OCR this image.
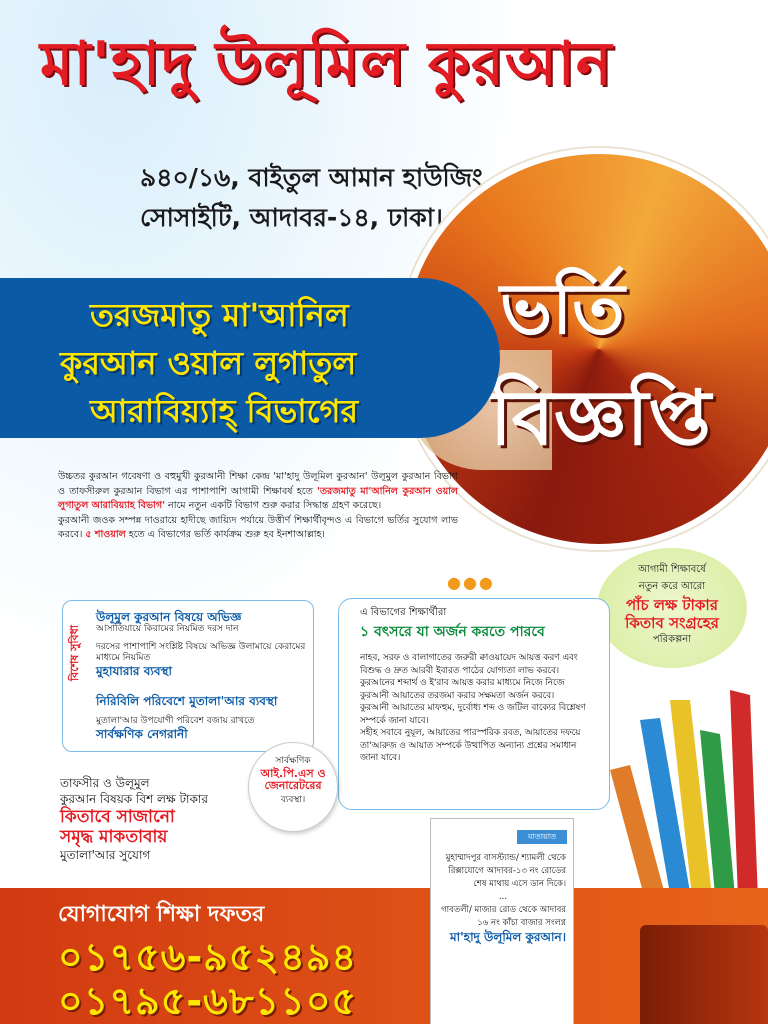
মা'হাদু উলূমিল কুরআন
৯৪০/১৬, বাইতুল আমান হাউজিং
সোসাইটি, আদাবর-১৪, ঢাকা।
ভর্তি
বিজ্ঞপ্তি
তরজমাতু মা'আনিল
কুরআন ওয়াল লুগাতুল
আরাবিয়্যাহ্ বিভাগের
উচ্চতর কুরআন গবেষণা ও বহুমুখী কুরআনী শিক্ষা কেন্দ্র 'মা'হাদু উলূমিল কুরআন' উলূমুল কুরআন বিভাগ ও তাফসীরুল কুরআন বিভাগ এর পাশাপাশি আগামী শিক্ষাবর্ষ হতে 'তরজমাতু মা'আনিল কুরআন ওয়াল লুগাতুল আরাবিয়্যাহ বিভাগ' নামে নতুন একটি বিভাগ শুরু করার সিদ্ধান্ত গ্রহণ করেছে।
কুরআনী জওক সম্পন্ন দাওরায়ে হাদীছে জায়্যিদ পর্যায়ে উত্তীর্ণ শিক্ষার্থীবৃন্দও এ বিভাগে ভর্তির সুযোগ লাভ করবে। ৫ শাওয়াল হতে এ বিভাগের ভর্তি কার্যক্রম শুরু হব ইনশাআল্লাহ।
আগামী শিক্ষাবর্ষে
নতুন করে আরো
পাঁচ লক্ষ টাকার
কিতাব সংগ্রহের
পরিকল্পনা
●●●
বিশেষ সুবিধা
উলূমুল কুরআন বিষয়ে অভিজ্ঞ
আসাতিযায়ে কিরামের নিয়মিত দরস দান
দরসের পাশাপাশি সংশ্লিষ্ট বিষয়ে অভিজ্ঞ উলামায়ে কেরামের মাধ্যমে নিয়মিত
মুহাযারার ব্যবস্থা
নিরিবিলি পরিবেশে মুতালা'আর ব্যবস্থা
মুতালা'আর উপযোগী পরিবেশ বজায় রাখতে
সার্বক্ষণিক নেগরানী
এ বিভাগের শিক্ষার্থীরা
১ বৎসরে যা অর্জন করতে পারবে
নাহব, সরফ ও বালাগাতের জরুরী ক্বাওয়ায়েদ আয়ত্ত করণ এবং বিশুদ্ধ ও দ্রুত আরবী ইবারত পাঠের যোগ্যতা লাভ করবে।
কুরআনের শব্দার্থ ও ই'রাব আয়ত্ত করার মাধ্যমে নিজে নিজে কুরআনী আয়াতের তরজমা করার সক্ষমতা অর্জন করবে।
কুরআনী আয়াতের মাফহুম, দুর্বোধ্য শব্দ ও জটিল বাক্যের বিশ্লেষণ সম্পর্কে জানা যাবে।
সহীহ সবাবে নুযূল, আয়াতের পারস্পরিক রবত, আয়াতের দফয়ে তা'আরুজ ও আয়াত সম্পর্কে উত্থাপিত অন্যান্য প্রশ্নের সমাধান জানা যাবে।
সার্বক্ষণিক
আই.পি.এস ও
জেনারেটরের
ব্যবস্থা।
তাফসীর ও উলূমুল
কুরআন বিষয়ক বিশ লক্ষ টাকার
কিতাবে সাজানো
সমৃদ্ধ মাকতাবায়
মুতালা'আর সুযোগ
যোগাযোগ শিক্ষা দফতর
০১৭৫৬-৯৫২৪৯৪
০১৭৯৫-৬৮১১০৫
যাতায়াত
মুহাম্মাদপুর বাসস্ট্যান্ড/ শ্যামলী থেকে রিক্সাযোগে আদাবর-১৩ নং রোডের শেষ মাথায় এসে ডান দিকে।
...
গাবতলী/ মাজার রোড থেকে আদাবর ১৬ নং কাঁচা বাজার সংলগ্ন
মা'হাদু উলূমিল কুরআন।
